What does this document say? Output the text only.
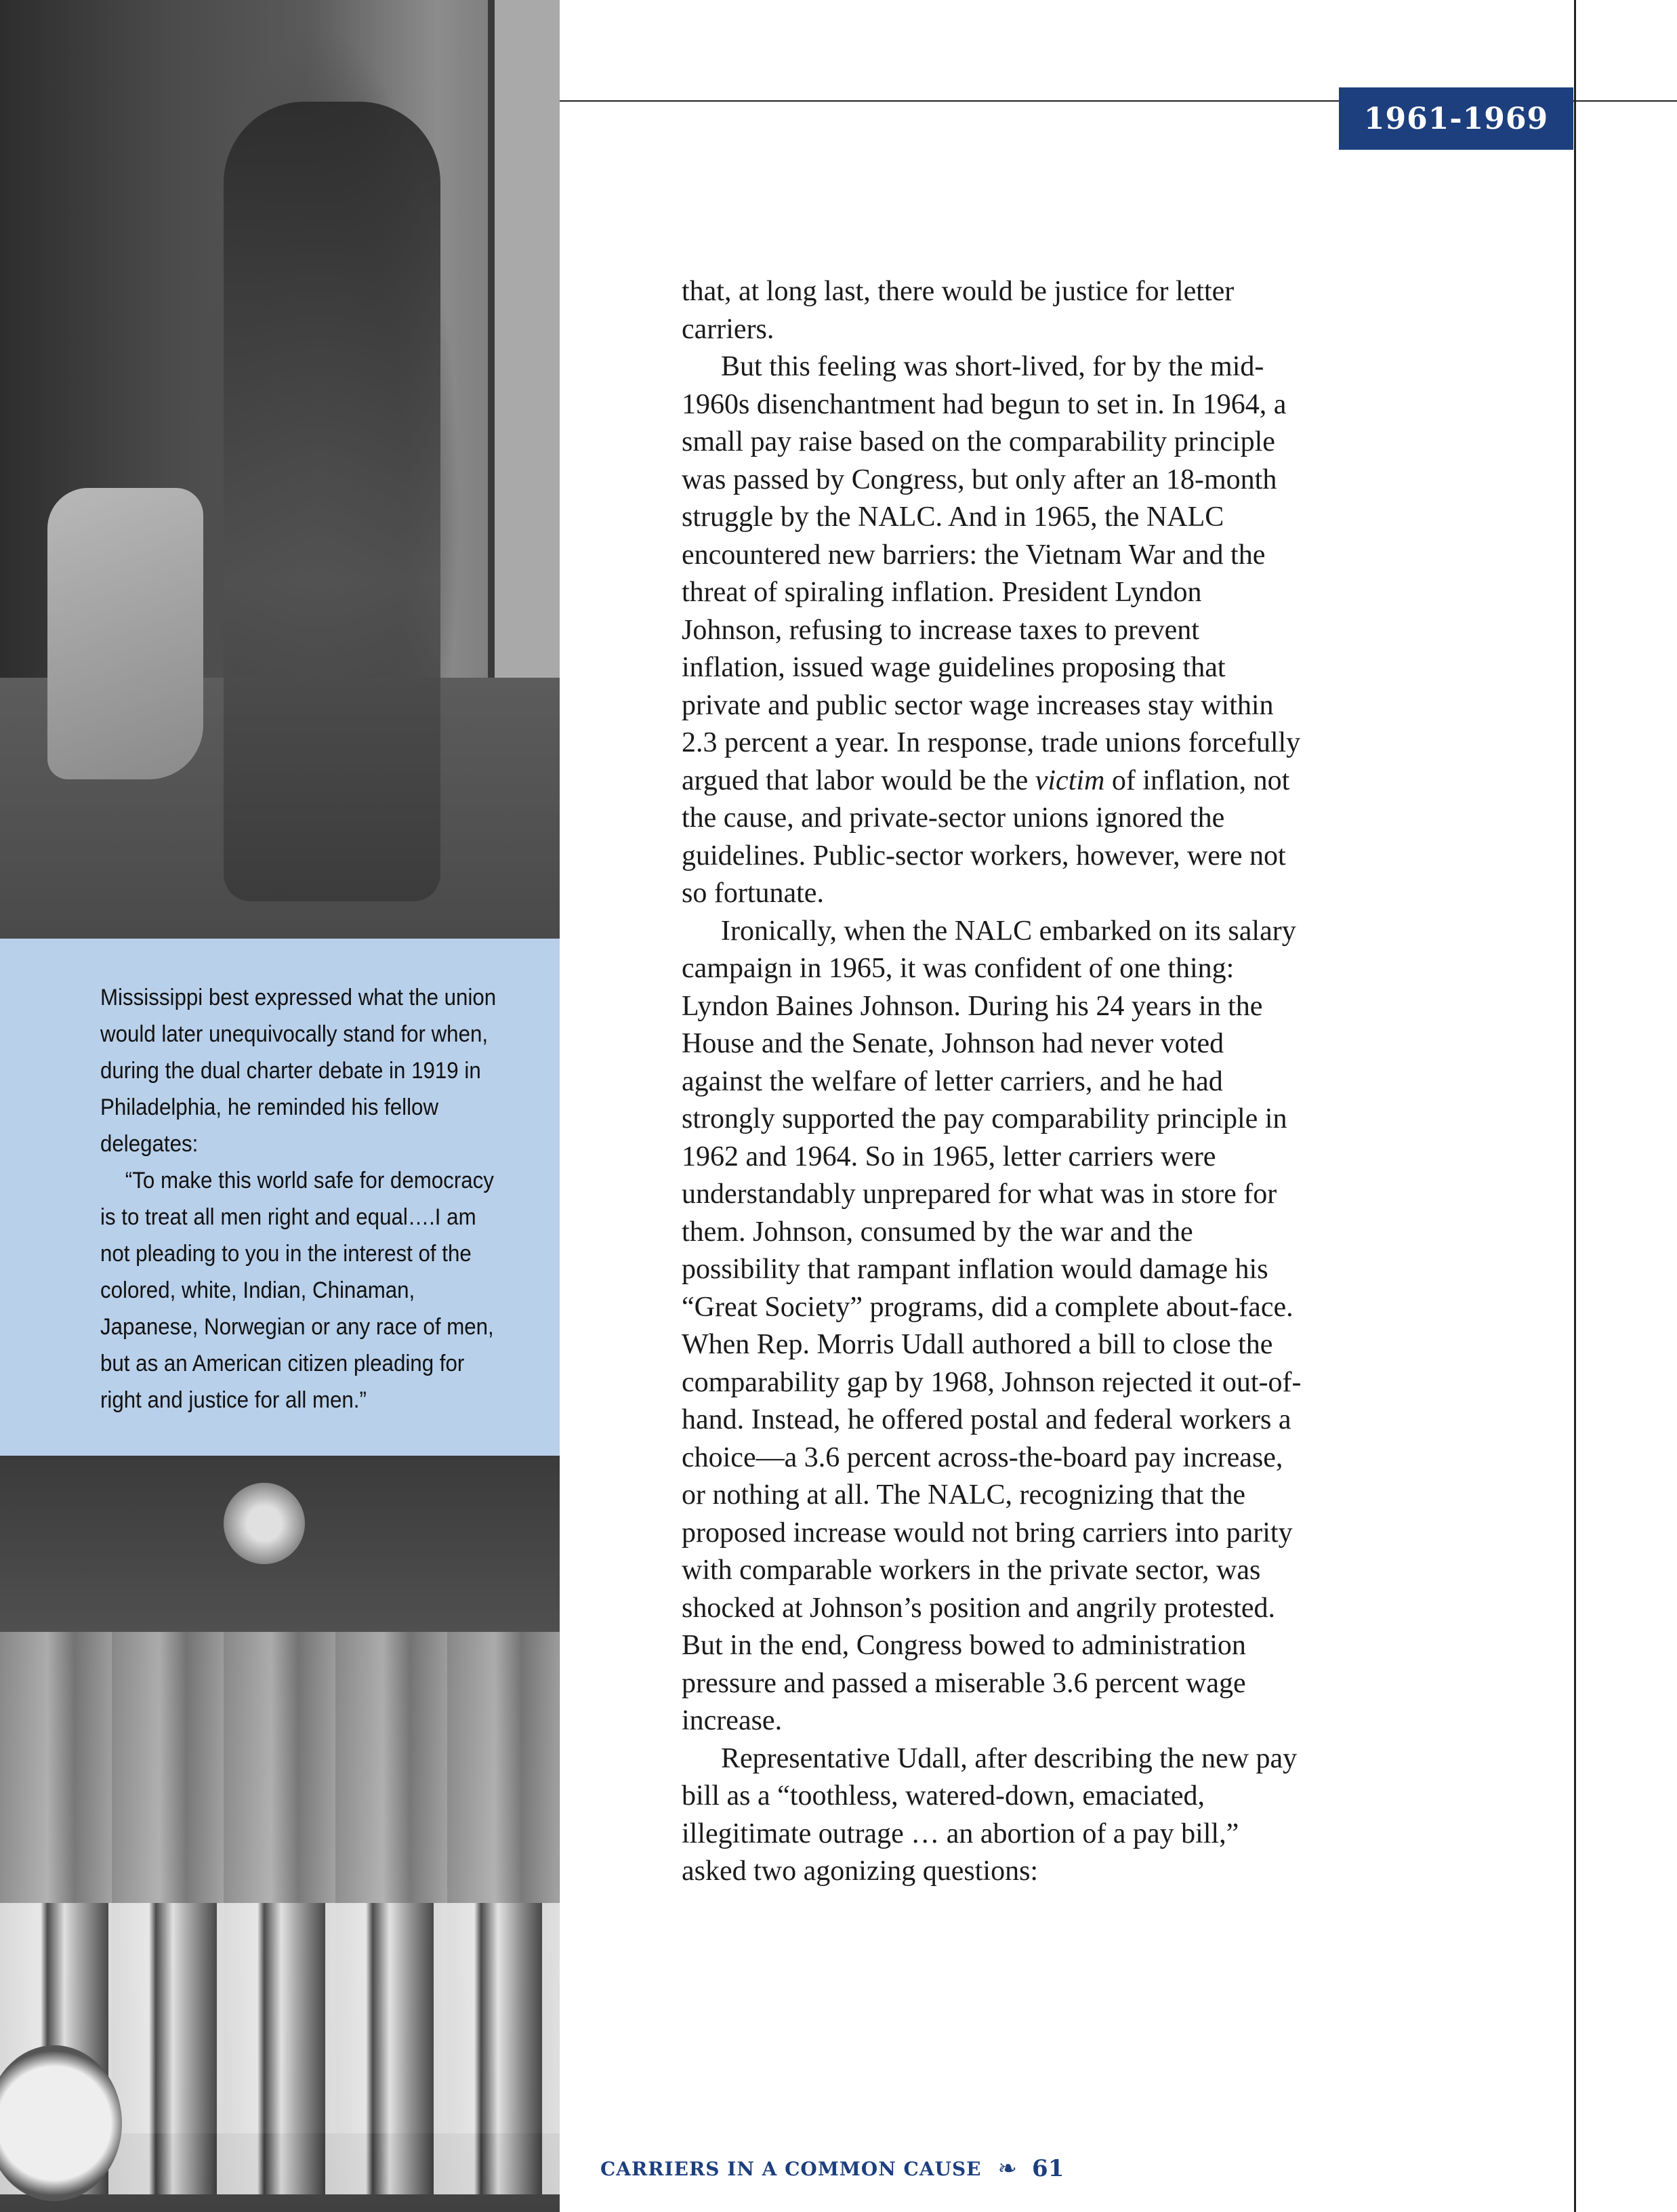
Mississippi best expressed what the union would later unequivocally stand for when, during the dual charter debate in 1919 in Philadelphia, he reminded his fellow delegates:

“To make this world safe for democracy is to treat all men right and equal….I am not pleading to you in the interest of the colored, white, Indian, Chinaman, Japanese, Norwegian or any race of men, but as an American citizen pleading for right and justice for all men.”

1961-1969

that, at long last, there would be justice for letter carriers.

But this feeling was short-lived, for by the mid-1960s disenchantment had begun to set in. In 1964, a small pay raise based on the comparability principle was passed by Congress, but only after an 18-month struggle by the NALC. And in 1965, the NALC encountered new barriers: the Vietnam War and the threat of spiraling inflation. President Lyndon Johnson, refusing to increase taxes to prevent inflation, issued wage guidelines proposing that private and public sector wage increases stay within 2.3 percent a year. In response, trade unions forcefully argued that labor would be the victim of inflation, not the cause, and private-sector unions ignored the guidelines. Public-sector workers, however, were not so fortunate.

Ironically, when the NALC embarked on its salary campaign in 1965, it was confident of one thing: Lyndon Baines Johnson. During his 24 years in the House and the Senate, Johnson had never voted against the welfare of letter carriers, and he had strongly supported the pay comparability principle in 1962 and 1964. So in 1965, letter carriers were understandably unprepared for what was in store for them. Johnson, consumed by the war and the possibility that rampant inflation would damage his “Great Society” programs, did a complete about-face. When Rep. Morris Udall authored a bill to close the comparability gap by 1968, Johnson rejected it out-of-hand. Instead, he offered postal and federal workers a choice—a 3.6 percent across-the-board pay increase, or nothing at all. The NALC, recognizing that the proposed increase would not bring carriers into parity with comparable workers in the private sector, was shocked at Johnson’s position and angrily protested. But in the end, Congress bowed to administration pressure and passed a miserable 3.6 percent wage increase.

Representative Udall, after describing the new pay bill as a “toothless, watered-down, emaciated, illegitimate outrage … an abortion of a pay bill,” asked two agonizing questions:

CARRIERS IN A COMMON CAUSE ❧ 61
